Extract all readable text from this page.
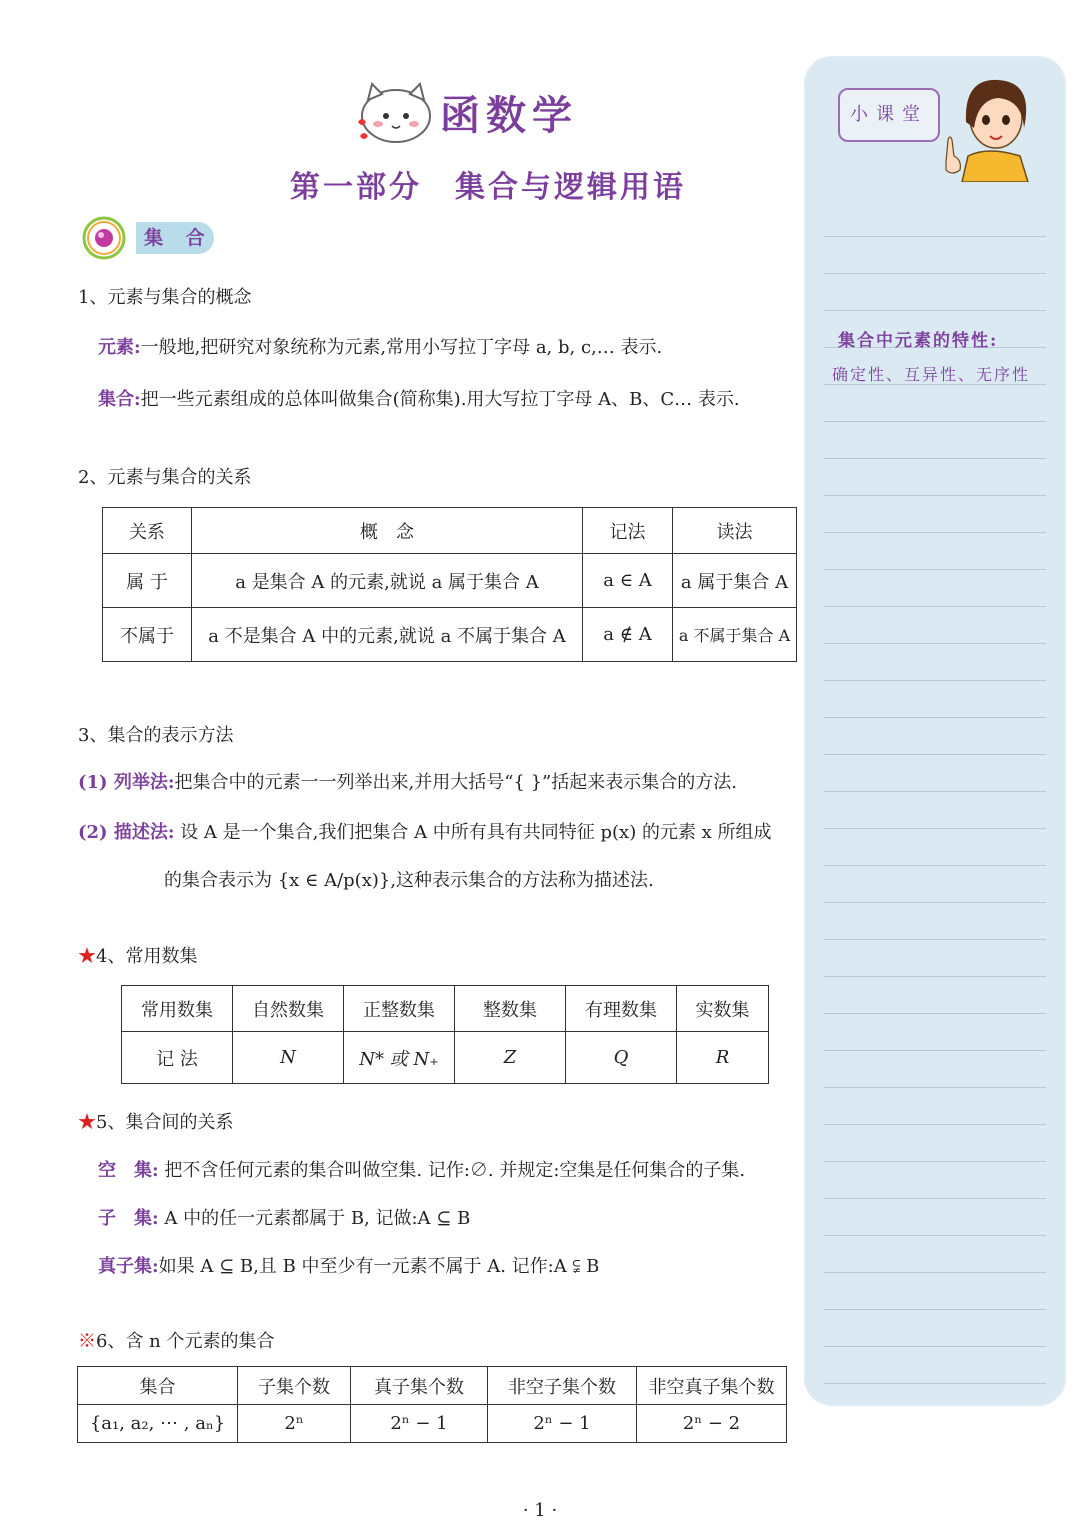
函数学
第一部分　集合与逻辑用语
集 合
1、元素与集合的概念
元素:一般地,把研究对象统称为元素,常用小写拉丁字母 a, b, c,… 表示.
集合:把一些元素组成的总体叫做集合(简称集).用大写拉丁字母 A、B、C… 表示.
2、元素与集合的关系
关系	概　念	记法	读法
属 于	a 是集合 A 的元素,就说 a 属于集合 A	a ∈ A	a 属于集合 A
不属于	a 不是集合 A 中的元素,就说 a 不属于集合 A	a ∉ A	a 不属于集合 A
3、集合的表示方法
(1) 列举法:把集合中的元素一一列举出来,并用大括号“{ }”括起来表示集合的方法.
(2) 描述法: 设 A 是一个集合,我们把集合 A 中所有具有共同特征 p(x) 的元素 x 所组成
的集合表示为 {x ∈ A/p(x)},这种表示集合的方法称为描述法.
★4、常用数集
常用数集	自然数集	正整数集	整数集	有理数集	实数集
记 法	N	N* 或 N₊	Z	Q	R
★5、集合间的关系
空　集: 把不含任何元素的集合叫做空集. 记作:∅. 并规定:空集是任何集合的子集.
子　集: A 中的任一元素都属于 B, 记做:A ⊆ B
真子集:如果 A ⊆ B,且 B 中至少有一元素不属于 A. 记作:A ⫋ B
※6、含 n 个元素的集合
集合	子集个数	真子集个数	非空子集个数	非空真子集个数
{a₁, a₂, ⋯ , aₙ}	2ⁿ	2ⁿ − 1	2ⁿ − 1	2ⁿ − 2
小课堂
集合中元素的特性:
确定性、互异性、无序性
· 1 ·
